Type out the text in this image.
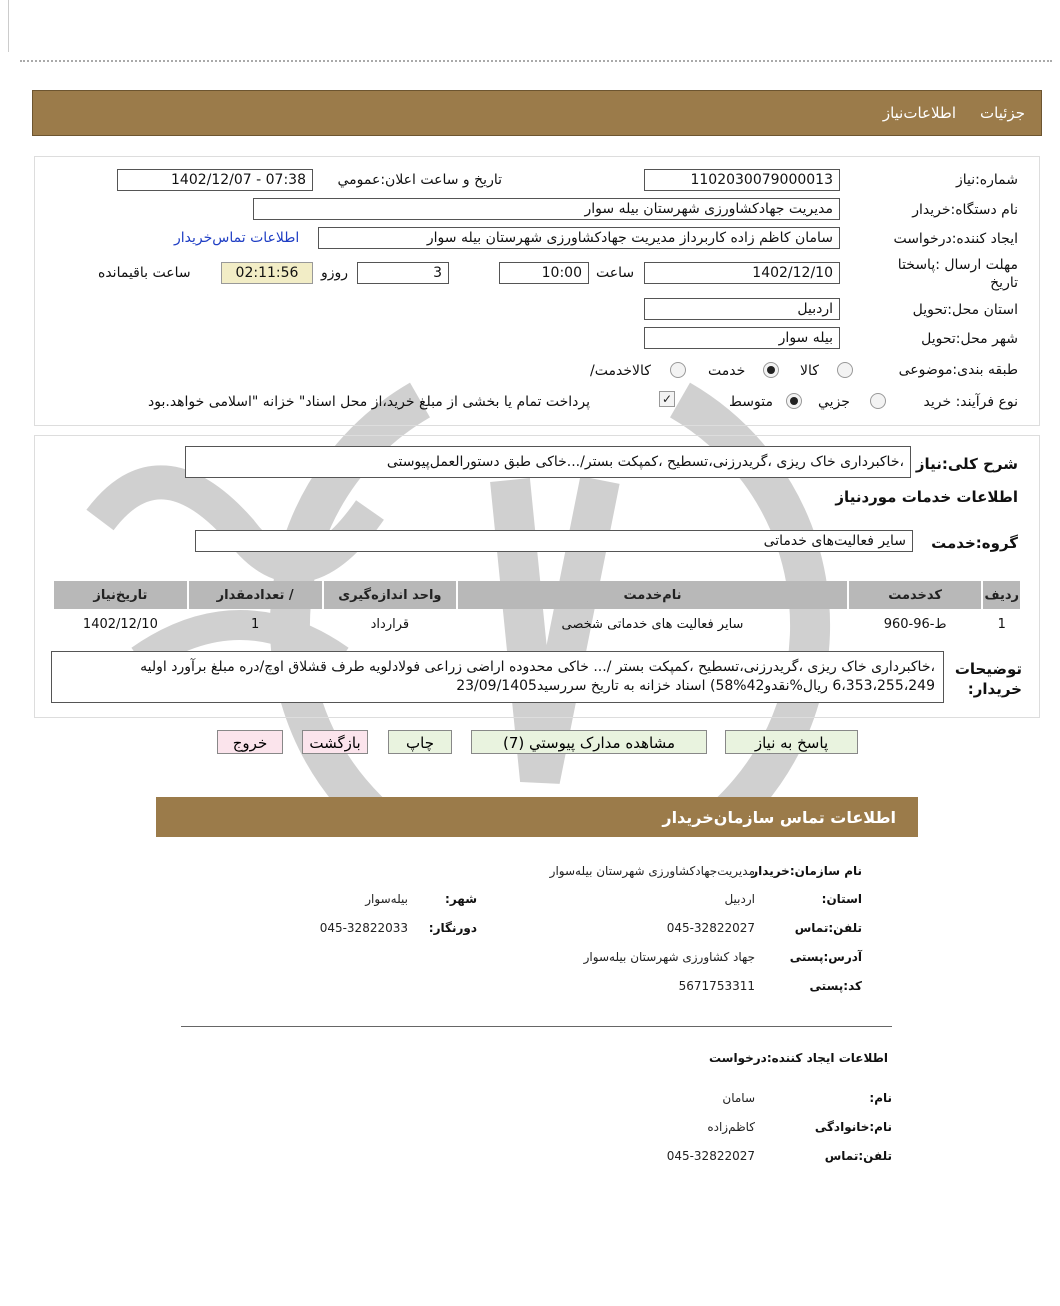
جزئیات
اطلاعات‌نیاز
شماره:نیاز
1102030079000013
تاریخ و ساعت اعلان:عمومي
1402/12/07 - 07:38
نام دستگاه:خریدار
مدیریت جهادکشاورزی شهرستان بیله سوار
ایجاد کننده:درخواست
سامان کاظم زاده کاربرداز مدیریت جهادکشاورزی شهرستان بیله سوار
اطلاعات تماس‌خریدار
مهلت ارسال :پاسختا تاریخ
1402/12/10
ساعت
10:00
3
روزو
02:11:56
ساعت باقیمانده
استان محل:تحویل
اردبیل
شهر محل:تحویل
بیله سوار
طبقه بندی:موضوعی
کالا
خدمت
/کالاخدمت
نوع فرآیند: خرید
جزیي
متوسط
✓
پرداخت تمام یا بخشی از مبلغ خرید،از محل اسناد" خزانه "اسلامی خواهد.بود
شرح کلی:نیاز
،خاکبرداری خاک ریزی ،گریدرزنی،تسطیح ،کمپکت بستر/...خاکی طبق دستورالعمل‌پیوستی
اطلاعات خدمات مورد‌نیاز
گروه:خدمت
سایر فعالیت‌های خدماتی
ردیف	کدخدمت	نام‌خدمت	واحد اندازه‌گیری	/ تعدادمقدار	تاریخ‌نیاز
1	ط-96-960	سایر فعالیت های خدماتی شخصی	قرارداد	1	1402/12/10
توضیحات
:خریدار
،خاکبرداری خاک ریزی ،گریدرزنی،تسطیح ،کمپکت بستر /... خاکی محدوده اراضی زراعی فولادلویه طرف قشلاق اوچ/دره مبلغ برآورد اولیه
6،353،255،249 ریال%نقدو42%58) اسناد خزانه به تاریخ سررسید23/09/1405
پاسخ به نیاز
مشاهده مدارک پیوستي (7)
چاپ
بازگشت
خروج
اطلاعات تماس سازمان‌خریدار
نام سازمان:خریدار
مدیریت‌جهادکشاورزی شهرستان بیله‌سوار
:استان
اردبیل
:شهر
بیله‌سوار
تلفن:تماس
045-32822027
:دورنگار
045-32822033
آدرس:پستی
جهاد کشاورزی شهرستان بیله‌سوار
کد:پستی
5671753311
اطلاعات ایجاد کننده:درخواست
:نام
سامان
نام:خانوادگی
کاظم‌زاده
تلفن:تماس
045-32822027
